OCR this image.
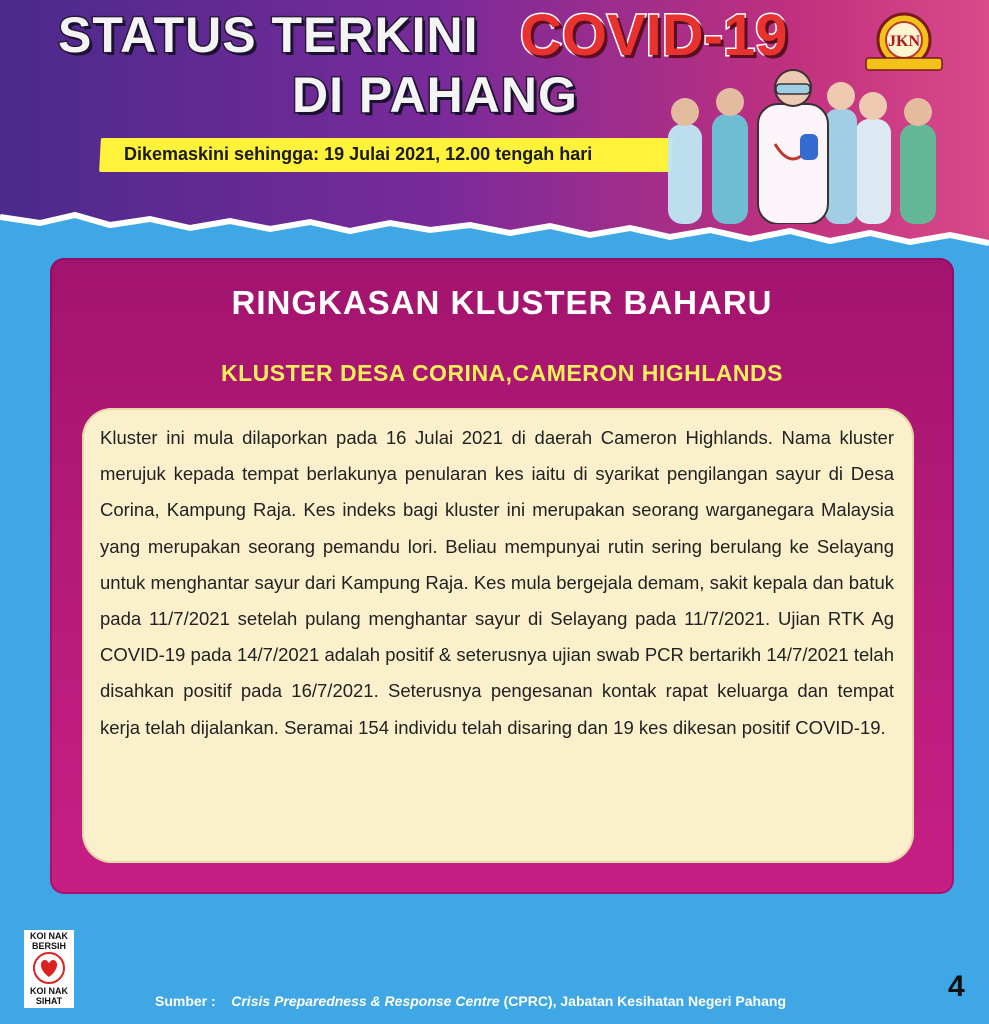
STATUS TERKINI COVID-19
DI PAHANG
JKN
Dikemaskini sehingga: 19 Julai 2021, 12.00 tengah hari
RINGKASAN KLUSTER BAHARU
KLUSTER DESA CORINA,CAMERON HIGHLANDS
Kluster ini mula dilaporkan pada 16 Julai 2021 di daerah Cameron Highlands. Nama kluster merujuk kepada tempat berlakunya penularan kes iaitu di syarikat pengilangan sayur di Desa Corina, Kampung Raja. Kes indeks bagi kluster ini merupakan seorang warganegara Malaysia yang merupakan seorang pemandu lori. Beliau mempunyai rutin sering berulang ke Selayang untuk menghantar sayur dari Kampung Raja. Kes mula bergejala demam, sakit kepala dan batuk pada 11/7/2021 setelah pulang menghantar sayur di Selayang pada 11/7/2021. Ujian RTK Ag COVID-19 pada 14/7/2021 adalah positif & seterusnya ujian swab PCR bertarikh 14/7/2021 telah disahkan positif pada 16/7/2021. Seterusnya pengesanan kontak rapat keluarga dan tempat kerja telah dijalankan. Seramai 154 individu telah disaring dan 19 kes dikesan positif COVID-19.
KOI NAK BERSIH
KOI NAK SIHAT	Sumber : Crisis Preparedness & Response Centre (CPRC), Jabatan Kesihatan Negeri Pahang	4
